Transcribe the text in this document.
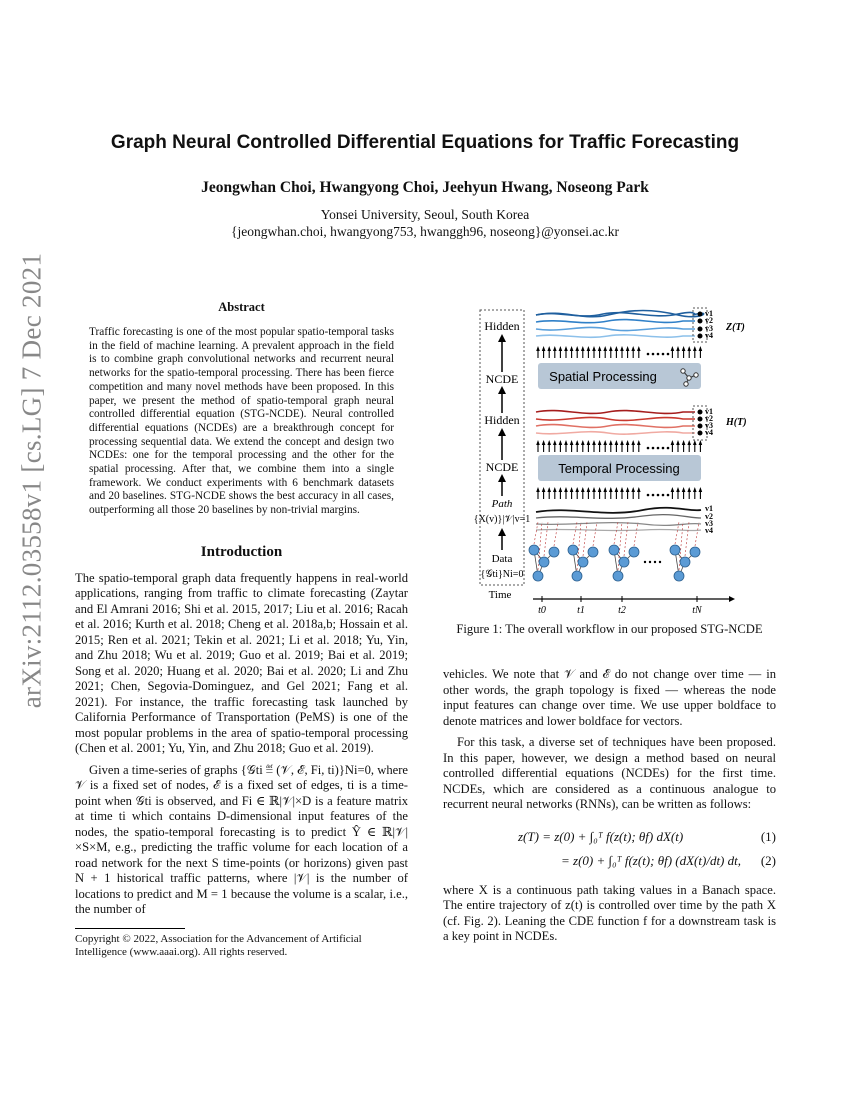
arXiv:2112.03558v1 [cs.LG] 7 Dec 2021
Graph Neural Controlled Differential Equations for Traffic Forecasting
Jeongwhan Choi, Hwangyong Choi, Jeehyun Hwang, Noseong Park
Yonsei University, Seoul, South Korea
{jeongwhan.choi, hwangyong753, hwanggh96, noseong}@yonsei.ac.kr
Abstract

Traffic forecasting is one of the most popular spatio-temporal tasks in the field of machine learning. A prevalent approach in the field is to combine graph convolutional networks and recurrent neural networks for the spatio-temporal processing. There has been fierce competition and many novel methods have been proposed. In this paper, we present the method of spatio-temporal graph neural controlled differential equation (STG-NCDE). Neural controlled differential equations (NCDEs) are a breakthrough concept for processing sequential data. We extend the concept and design two NCDEs: one for the temporal processing and the other for the spatial processing. After that, we combine them into a single framework. We conduct experiments with 6 benchmark datasets and 20 baselines. STG-NCDE shows the best accuracy in all cases, outperforming all those 20 baselines by non-trivial margins.

Introduction

The spatio-temporal graph data frequently happens in real-world applications, ranging from traffic to climate forecasting (Zaytar and El Amrani 2016; Shi et al. 2015, 2017; Liu et al. 2016; Racah et al. 2016; Kurth et al. 2018; Cheng et al. 2018a,b; Hossain et al. 2015; Ren et al. 2021; Tekin et al. 2021; Li et al. 2018; Yu, Yin, and Zhu 2018; Wu et al. 2019; Guo et al. 2019; Bai et al. 2019; Song et al. 2020; Huang et al. 2020; Bai et al. 2020; Li and Zhu 2021; Chen, Segovia-Dominguez, and Gel 2021; Fang et al. 2021). For instance, the traffic forecasting task launched by California Performance of Transportation (PeMS) is one of the most popular problems in the area of spatio-temporal processing (Chen et al. 2001; Yu, Yin, and Zhu 2018; Guo et al. 2019).

Given a time-series of graphs {𝒢ti ≝ (𝒱, ℰ, Fi, ti)}Ni=0, where 𝒱 is a fixed set of nodes, ℰ is a fixed set of edges, ti is a time-point when 𝒢ti is observed, and Fi ∈ ℝ|𝒱|×D is a feature matrix at time ti which contains D-dimensional input features of the nodes, the spatio-temporal forecasting is to predict Ŷ ∈ ℝ|𝒱|×S×M, e.g., predicting the traffic volume for each location of a road network for the next S time-points (or horizons) given past N + 1 historical traffic patterns, where |𝒱| is the number of locations to predict and M = 1 because the volume is a scalar, i.e., the number of

Copyright © 2022, Association for the Advancement of Artificial Intelligence (www.aaai.org). All rights reserved.
Hidden
NCDE
Hidden
NCDE
Path
{X(v)}|𝒱|v=1
Data
{𝒢ti}Ni=0
Time
v1
v2
v3
v4
Z(T)
Spatial Processing
v1
v2
v3
v4
H(T)
Temporal Processing
v1
v2
v3
v4
t0	t1	t2	tN

Figure 1: The overall workflow in our proposed STG-NCDE

vehicles. We note that 𝒱 and ℰ do not change over time — in other words, the graph topology is fixed — whereas the node input features can change over time. We use upper boldface to denote matrices and lower boldface for vectors.

For this task, a diverse set of techniques have been proposed. In this paper, however, we design a method based on neural controlled differential equations (NCDEs) for the first time. NCDEs, which are considered as a continuous analogue to recurrent neural networks (RNNs), can be written as follows:

z(T) = z(0) + ∫₀ᵀ f(z(t); θf) dX(t)	(1)
= z(0) + ∫₀ᵀ f(z(t); θf) (dX(t)/dt) dt, (2)

where X is a continuous path taking values in a Banach space. The entire trajectory of z(t) is controlled over time by the path X (cf. Fig. 2). Leaning the CDE function f for a downstream task is a key point in NCDEs.
